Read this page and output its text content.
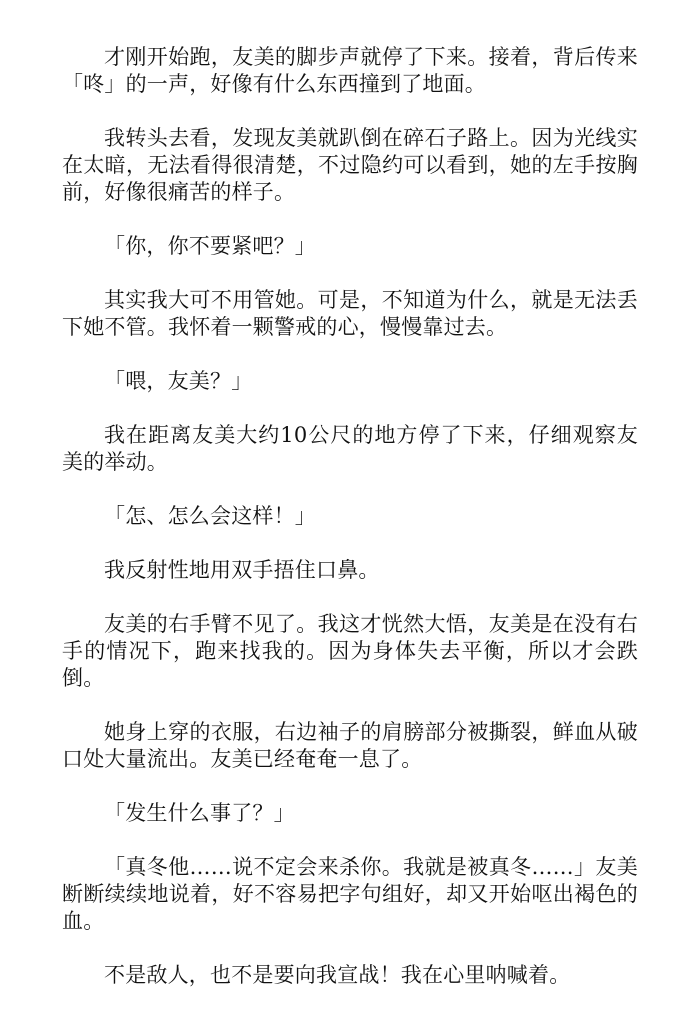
才刚开始跑，友美的脚步声就停了下来。接着，背后传来「咚」的一声，好像有什么东西撞到了地面。

我转头去看，发现友美就趴倒在碎石子路上。因为光线实在太暗，无法看得很清楚，不过隐约可以看到，她的左手按胸前，好像很痛苦的样子。

「你，你不要紧吧？」

其实我大可不用管她。可是，不知道为什么，就是无法丢下她不管。我怀着一颗警戒的心，慢慢靠过去。

「喂，友美？」

我在距离友美大约10公尺的地方停了下来，仔细观察友美的举动。

「怎、怎么会这样！」

我反射性地用双手捂住口鼻。

友美的右手臂不见了。我这才恍然大悟，友美是在没有右手的情况下，跑来找我的。因为身体失去平衡，所以才会跌倒。

她身上穿的衣服，右边袖子的肩膀部分被撕裂，鲜血从破口处大量流出。友美已经奄奄一息了。

「发生什么事了？」

「真冬他……说不定会来杀你。我就是被真冬……」友美断断续续地说着，好不容易把字句组好，却又开始呕出褐色的血。

不是敌人，也不是要向我宣战！我在心里呐喊着。
